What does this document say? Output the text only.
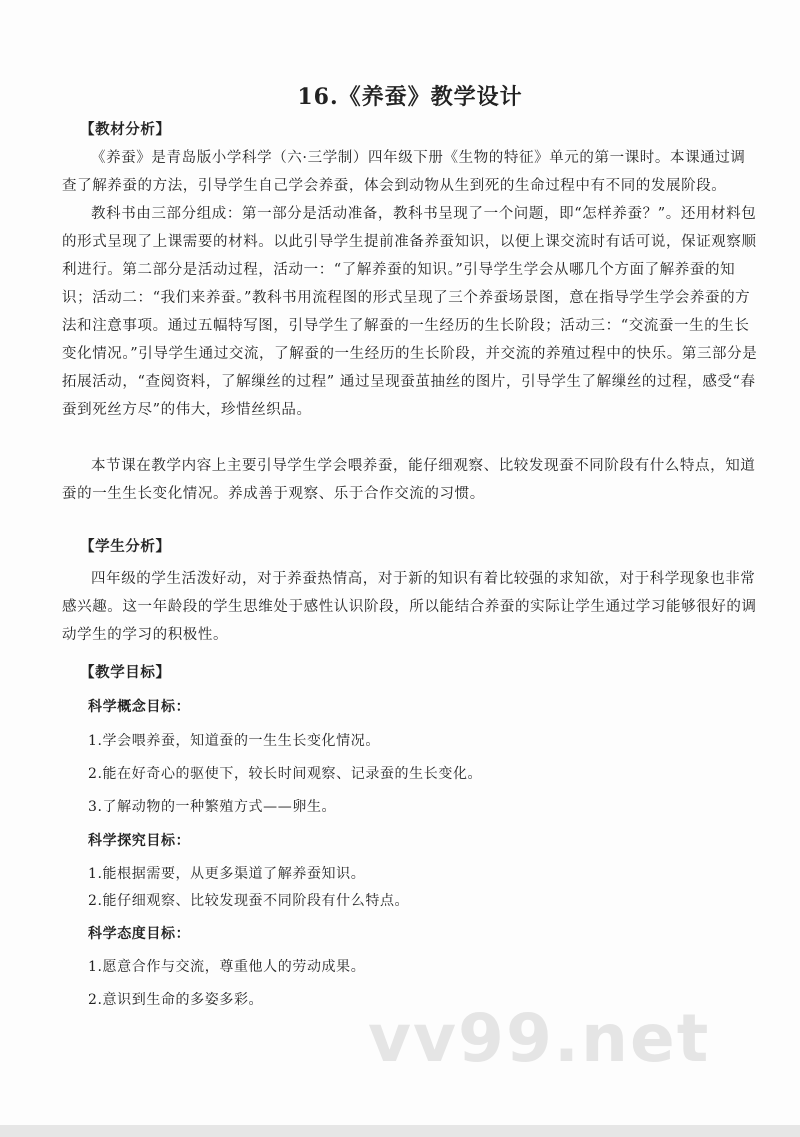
16.《养蚕》教学设计
【教材分析】
《养蚕》是青岛版小学科学（六·三学制）四年级下册《生物的特征》单元的第一课时。本课通过调查了解养蚕的方法，引导学生自己学会养蚕，体会到动物从生到死的生命过程中有不同的发展阶段。
教科书由三部分组成：第一部分是活动准备，教科书呈现了一个问题，即“怎样养蚕？”。还用材料包的形式呈现了上课需要的材料。以此引导学生提前准备养蚕知识，以便上课交流时有话可说，保证观察顺利进行。第二部分是活动过程，活动一：“了解养蚕的知识。”引导学生学会从哪几个方面了解养蚕的知识；活动二：“我们来养蚕。”教科书用流程图的形式呈现了三个养蚕场景图，意在指导学生学会养蚕的方法和注意事项。通过五幅特写图，引导学生了解蚕的一生经历的生长阶段；活动三：“交流蚕一生的生长变化情况。”引导学生通过交流，了解蚕的一生经历的生长阶段，并交流的养殖过程中的快乐。第三部分是拓展活动，“查阅资料，了解缫丝的过程” 通过呈现蚕茧抽丝的图片，引导学生了解缫丝的过程，感受“春蚕到死丝方尽”的伟大，珍惜丝织品。
本节课在教学内容上主要引导学生学会喂养蚕，能仔细观察、比较发现蚕不同阶段有什么特点，知道蚕的一生生长变化情况。养成善于观察、乐于合作交流的习惯。
【学生分析】
四年级的学生活泼好动，对于养蚕热情高，对于新的知识有着比较强的求知欲，对于科学现象也非常感兴趣。这一年龄段的学生思维处于感性认识阶段，所以能结合养蚕的实际让学生通过学习能够很好的调动学生的学习的积极性。
【教学目标】
科学概念目标：
1.学会喂养蚕，知道蚕的一生生长变化情况。
2.能在好奇心的驱使下，较长时间观察、记录蚕的生长变化。
3.了解动物的一种繁殖方式——卵生。
科学探究目标：
1.能根据需要，从更多渠道了解养蚕知识。
2.能仔细观察、比较发现蚕不同阶段有什么特点。
科学态度目标：
1.愿意合作与交流，尊重他人的劳动成果。
2.意识到生命的多姿多彩。	vv99.net
